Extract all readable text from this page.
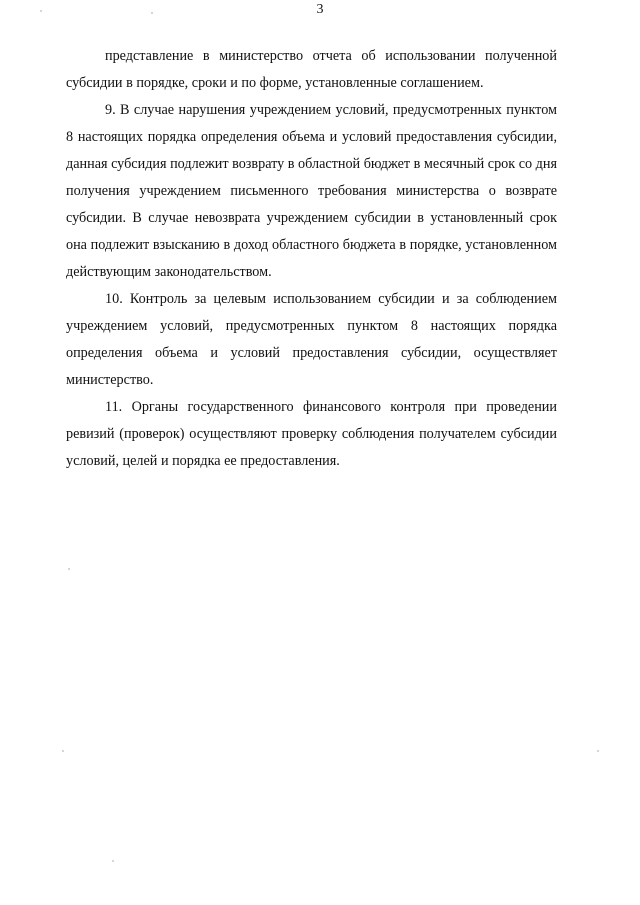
3

представление в министерство отчета об использовании полученной субсидии в порядке, сроки и по форме, установленные соглашением.

9. В случае нарушения учреждением условий, предусмотренных пунктом 8 настоящих порядка определения объема и условий предоставления субсидии, данная субсидия подлежит возврату в областной бюджет в месячный срок со дня получения учреждением письменного требования министерства о возврате субсидии. В случае невозврата учреждением субсидии в установленный срок она подлежит взысканию в доход областного бюджета в порядке, установленном действующим законодательством.

10. Контроль за целевым использованием субсидии и за соблюдением учреждением условий, предусмотренных пунктом 8 настоящих порядка определения объема и условий предоставления субсидии, осуществляет министерство.

11. Органы государственного финансового контроля при проведении ревизий (проверок) осуществляют проверку соблюдения получателем субсидии условий, целей и порядка ее предоставления.
